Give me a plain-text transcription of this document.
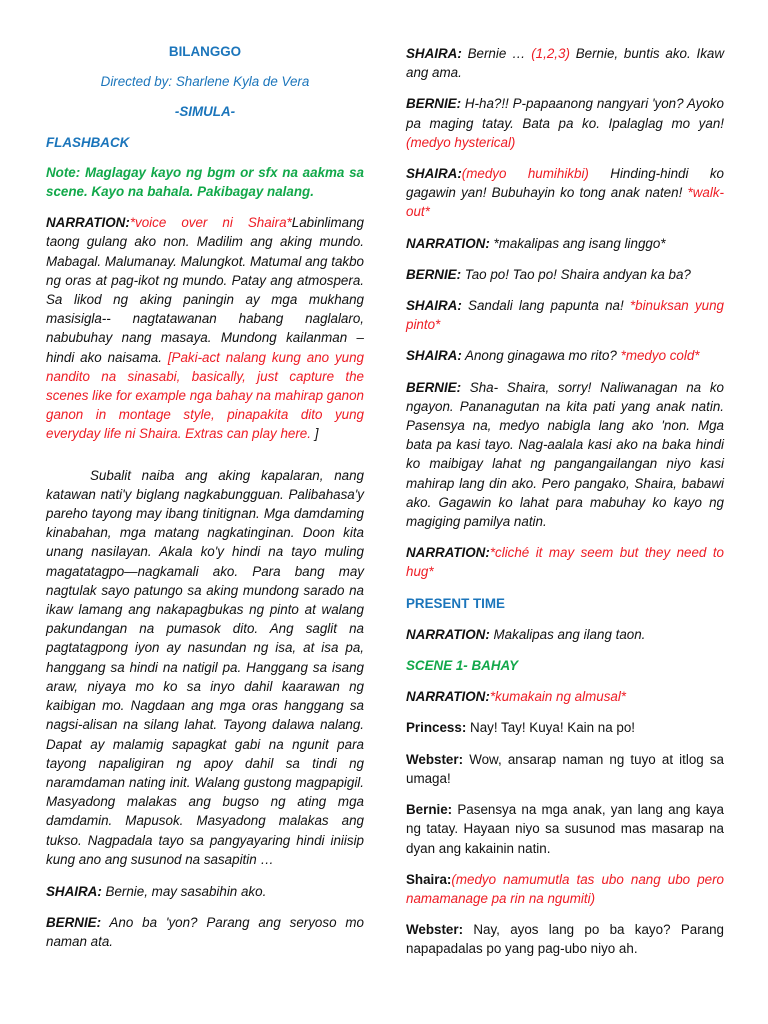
BILANGGO

Directed by: Sharlene Kyla de Vera

-SIMULA-

FLASHBACK

Note: Maglagay kayo ng bgm or sfx na aakma sa scene. Kayo na bahala. Pakibagay nalang.

NARRATION:*voice over ni Shaira*Labinlimang taong gulang ako non. Madilim ang aking mundo. Mabagal. Malumanay. Malungkot. Matumal ang takbo ng oras at pag-ikot ng mundo. Patay ang atmospera. Sa likod ng aking paningin ay mga mukhang masisigla-- nagtatawanan habang naglalaro, nabubuhay nang masaya. Mundong kailanman – hindi ako naisama. [Paki-act nalang kung ano yung nandito na sinasabi, basically, just capture the scenes like for example nga bahay na mahirap ganon ganon in montage style, pinapakita dito yung everyday life ni Shaira. Extras can play here. ]

Subalit naiba ang aking kapalaran, nang katawan nati'y biglang nagkabungguan. Palibahasa'y pareho tayong may ibang tinitignan. Mga damdaming kinabahan, mga matang nagkatinginan. Doon kita unang nasilayan. Akala ko'y hindi na tayo muling magatatagpo—nagkamali ako. Para bang may nagtulak sayo patungo sa aking mundong sarado na ikaw lamang ang nakapagbukas ng pinto at walang pakundangan na pumasok dito. Ang saglit na pagtatagpong iyon ay nasundan ng isa, at isa pa, hanggang sa hindi na natigil pa. Hanggang sa isang araw, niyaya mo ko sa inyo dahil kaarawan ng kaibigan mo. Nagdaan ang mga oras hanggang sa nagsi-alisan na silang lahat. Tayong dalawa nalang. Dapat ay malamig sapagkat gabi na ngunit para tayong napaligiran ng apoy dahil sa tindi ng naramdaman nating init. Walang gustong magpapigil. Masyadong malakas ang bugso ng ating mga damdamin. Mapusok. Masyadong malakas ang tukso. Nagpadala tayo sa pangyayaring hindi iniisip kung ano ang susunod na sasapitin …

SHAIRA: Bernie, may sasabihin ako.

BERNIE: Ano ba 'yon? Parang ang seryoso mo naman ata.

SHAIRA: Bernie … (1,2,3) Bernie, buntis ako. Ikaw ang ama.

BERNIE: H-ha?!! P-papaanong nangyari 'yon? Ayoko pa maging tatay. Bata pa ko. Ipalaglag mo yan! (medyo hysterical)

SHAIRA:(medyo humihikbi) Hinding-hindi ko gagawin yan! Bubuhayin ko tong anak naten! *walk-out*

NARRATION: *makalipas ang isang linggo*

BERNIE: Tao po! Tao po! Shaira andyan ka ba?

SHAIRA: Sandali lang papunta na! *binuksan yung pinto*

SHAIRA: Anong ginagawa mo rito? *medyo cold*

BERNIE: Sha- Shaira, sorry! Naliwanagan na ko ngayon. Pananagutan na kita pati yang anak natin. Pasensya na, medyo nabigla lang ako 'non. Mga bata pa kasi tayo. Nag-aalala kasi ako na baka hindi ko maibigay lahat ng pangangailangan niyo kasi mahirap lang din ako. Pero pangako, Shaira, babawi ako. Gagawin ko lahat para mabuhay ko kayo ng magiging pamilya natin.

NARRATION:*cliché it may seem but they need to hug*

PRESENT TIME

NARRATION: Makalipas ang ilang taon.

SCENE 1- BAHAY

NARRATION:*kumakain ng almusal*

Princess: Nay! Tay! Kuya! Kain na po!

Webster: Wow, ansarap naman ng tuyo at itlog sa umaga!

Bernie: Pasensya na mga anak, yan lang ang kaya ng tatay. Hayaan niyo sa susunod mas masarap na dyan ang kakainin natin.

Shaira:(medyo namumutla tas ubo nang ubo pero namamanage pa rin na ngumiti)

Webster: Nay, ayos lang po ba kayo? Parang napapadalas po yang pag-ubo niyo ah.
